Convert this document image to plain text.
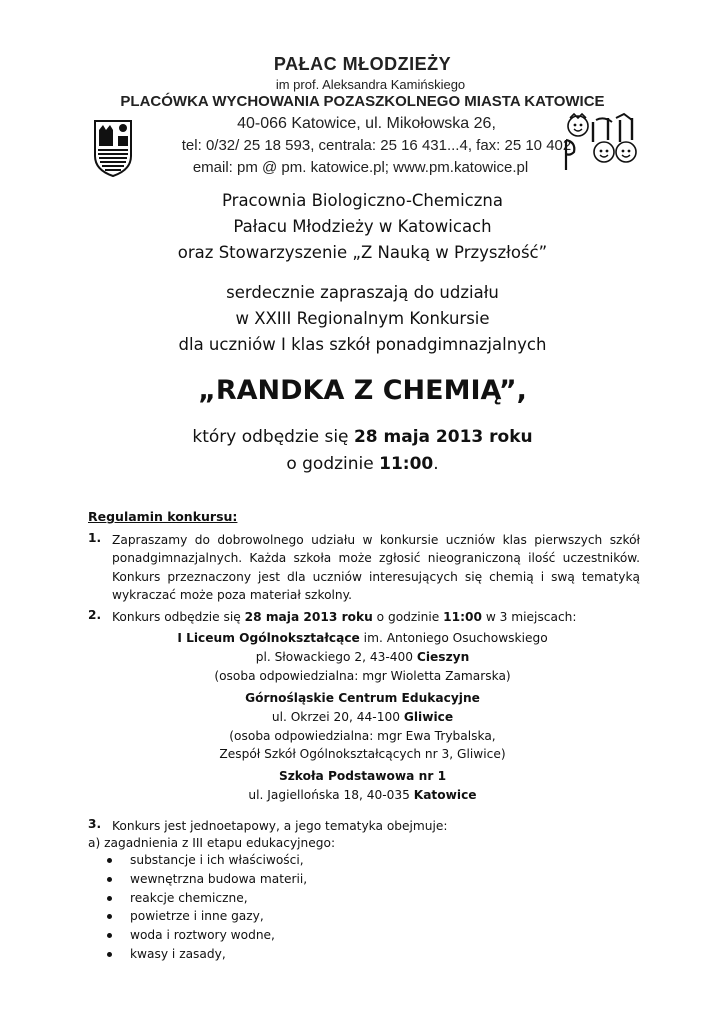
PAŁAC MŁODZIEŻY
im prof. Aleksandra Kamińskiego
PLACÓWKA WYCHOWANIA POZASZKOLNEGO MIASTA KATOWICE
40-066 Katowice, ul. Mikołowska 26,
tel: 0/32/ 25 18 593, centrala: 25 16 431...4, fax: 25 10 402
email: pm @ pm. katowice.pl; www.pm.katowice.pl
Pracownia Biologiczno-Chemiczna
Pałacu Młodzieży w Katowicach
oraz Stowarzyszenie „Z Nauką w Przyszłość”
serdecznie zapraszają do udziału
w XXIII Regionalnym Konkursie
dla uczniów I klas szkół ponadgimnazjalnych
„RANDKA Z CHEMIĄ”,
który odbędzie się 28 maja 2013 roku
o godzinie 11:00.
Regulamin konkursu:
1. Zapraszamy do dobrowolnego udziału w konkursie uczniów klas pierwszych szkół
ponadgimnazjalnych. Każda szkoła może zgłosić nieograniczoną ilość uczestników.
Konkurs przeznaczony jest dla uczniów interesujących się chemią i swą tematyką
wykraczać może poza materiał szkolny.
2. Konkurs odbędzie się 28 maja 2013 roku o godzinie 11:00 w 3 miejscach:
I Liceum Ogólnokształcące im. Antoniego Osuchowskiego
pl. Słowackiego 2, 43-400 Cieszyn
(osoba odpowiedzialna: mgr Wioletta Zamarska)
Górnośląskie Centrum Edukacyjne
ul. Okrzei 20, 44-100 Gliwice
(osoba odpowiedzialna: mgr Ewa Trybalska,
Zespół Szkół Ogólnokształcących nr 3, Gliwice)
Szkoła Podstawowa nr 1
ul. Jagiellońska 18, 40-035 Katowice
3. Konkurs jest jednoetapowy, a jego tematyka obejmuje:
a) zagadnienia z III etapu edukacyjnego:
substancje i ich właściwości,
wewnętrzna budowa materii,
reakcje chemiczne,
powietrze i inne gazy,
woda i roztwory wodne,
kwasy i zasady,
